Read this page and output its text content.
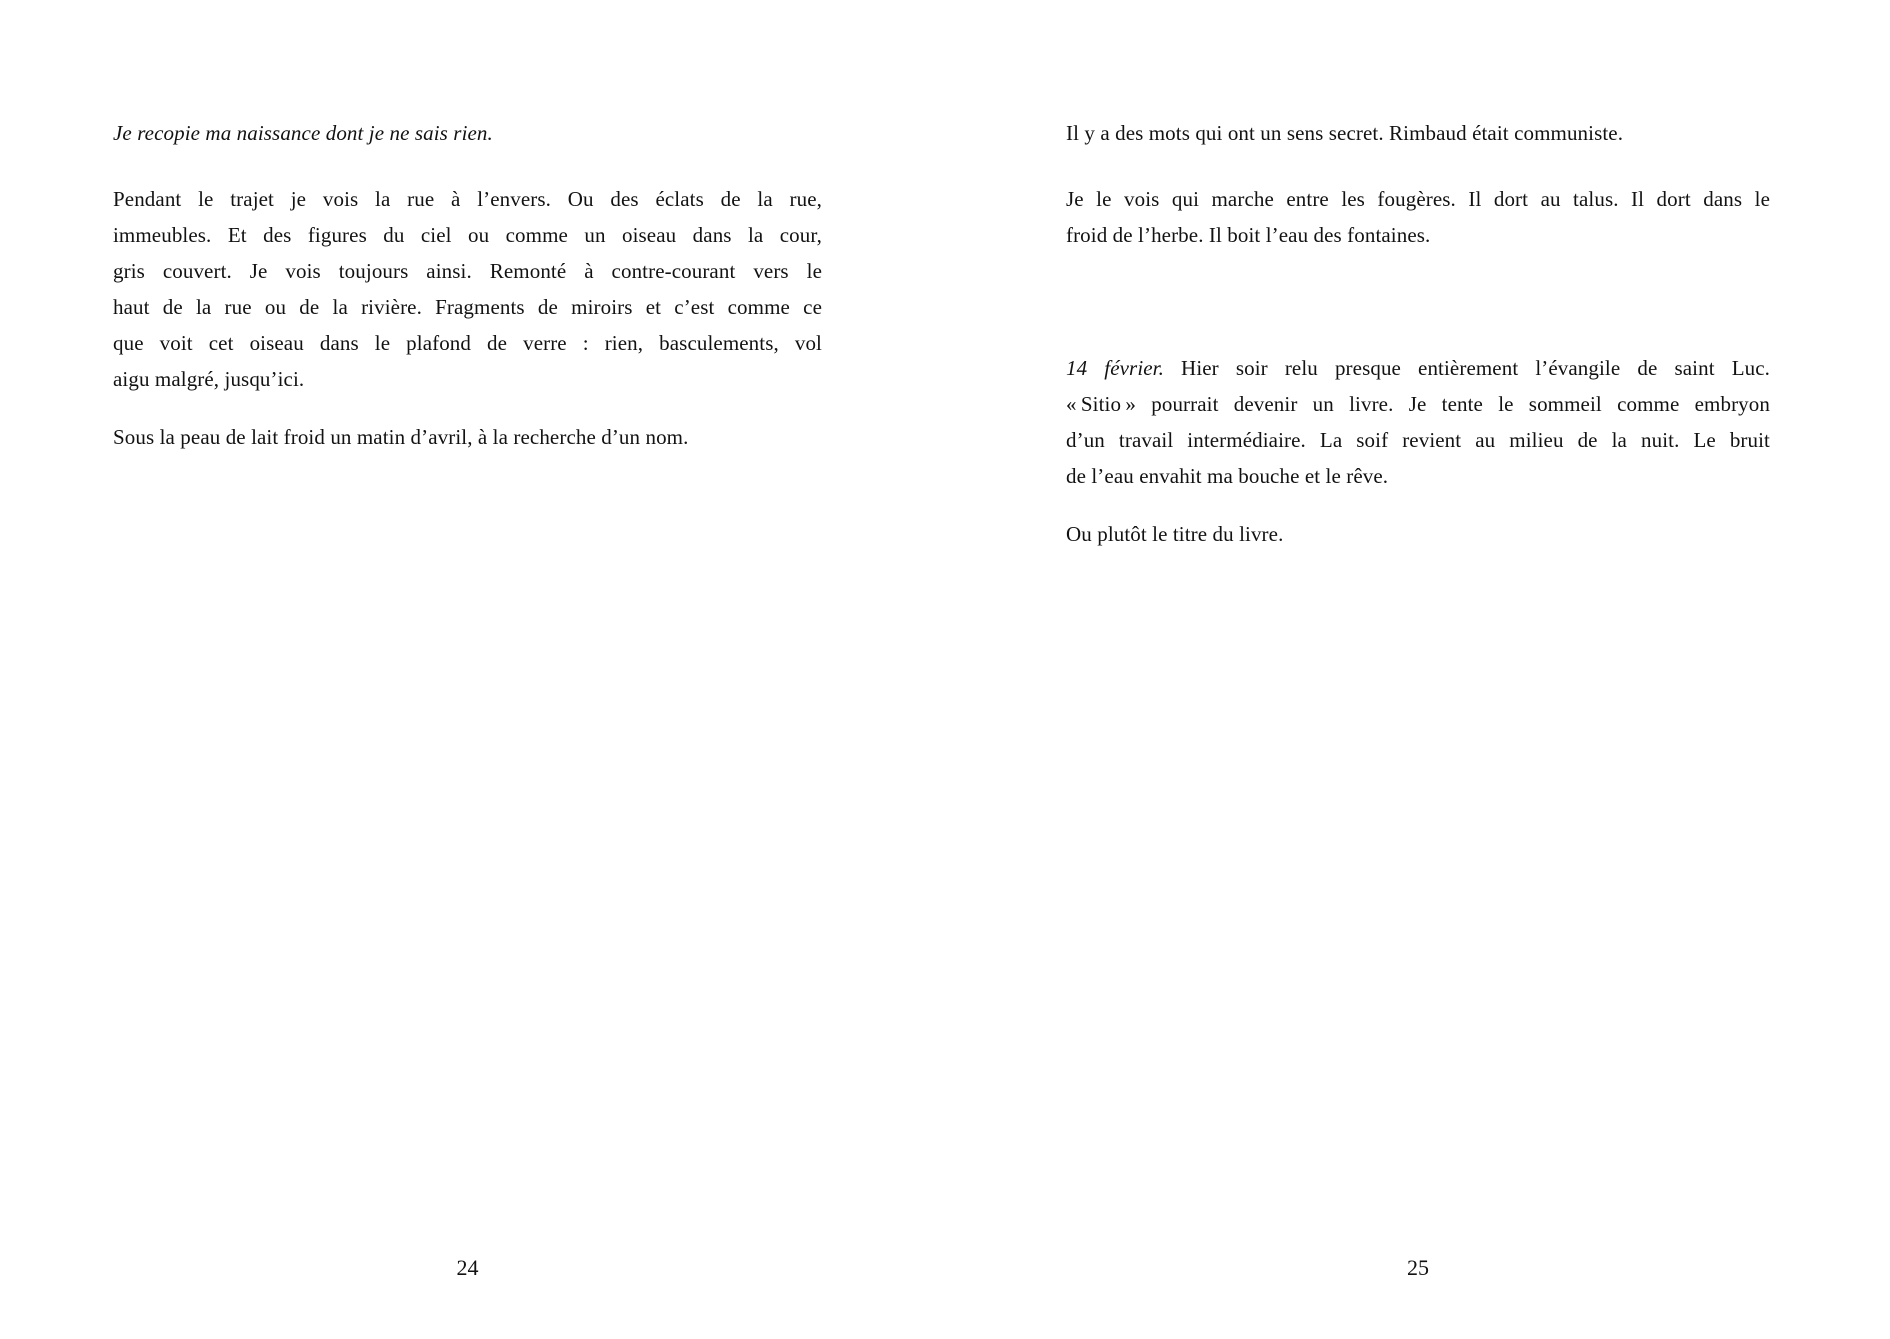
Je recopie ma naissance dont je ne sais rien.
Pendant le trajet je vois la rue à l’envers. Ou des éclats de la rue,
immeubles. Et des figures du ciel ou comme un oiseau dans la cour,
gris couvert. Je vois toujours ainsi. Remonté à contre-courant vers le
haut de la rue ou de la rivière. Fragments de miroirs et c’est comme ce
que voit cet oiseau dans le plafond de verre : rien, basculements, vol
aigu malgré, jusqu’ici.
Sous la peau de lait froid un matin d’avril, à la recherche d’un nom.
24
Il y a des mots qui ont un sens secret. Rimbaud était communiste.
Je le vois qui marche entre les fougères. Il dort au talus. Il dort dans le
froid de l’herbe. Il boit l’eau des fontaines.
14 février. Hier soir relu presque entièrement l’évangile de saint Luc.
« Sitio » pourrait devenir un livre. Je tente le sommeil comme embryon
d’un travail intermédiaire. La soif revient au milieu de la nuit. Le bruit
de l’eau envahit ma bouche et le rêve.
Ou plutôt le titre du livre.
25
